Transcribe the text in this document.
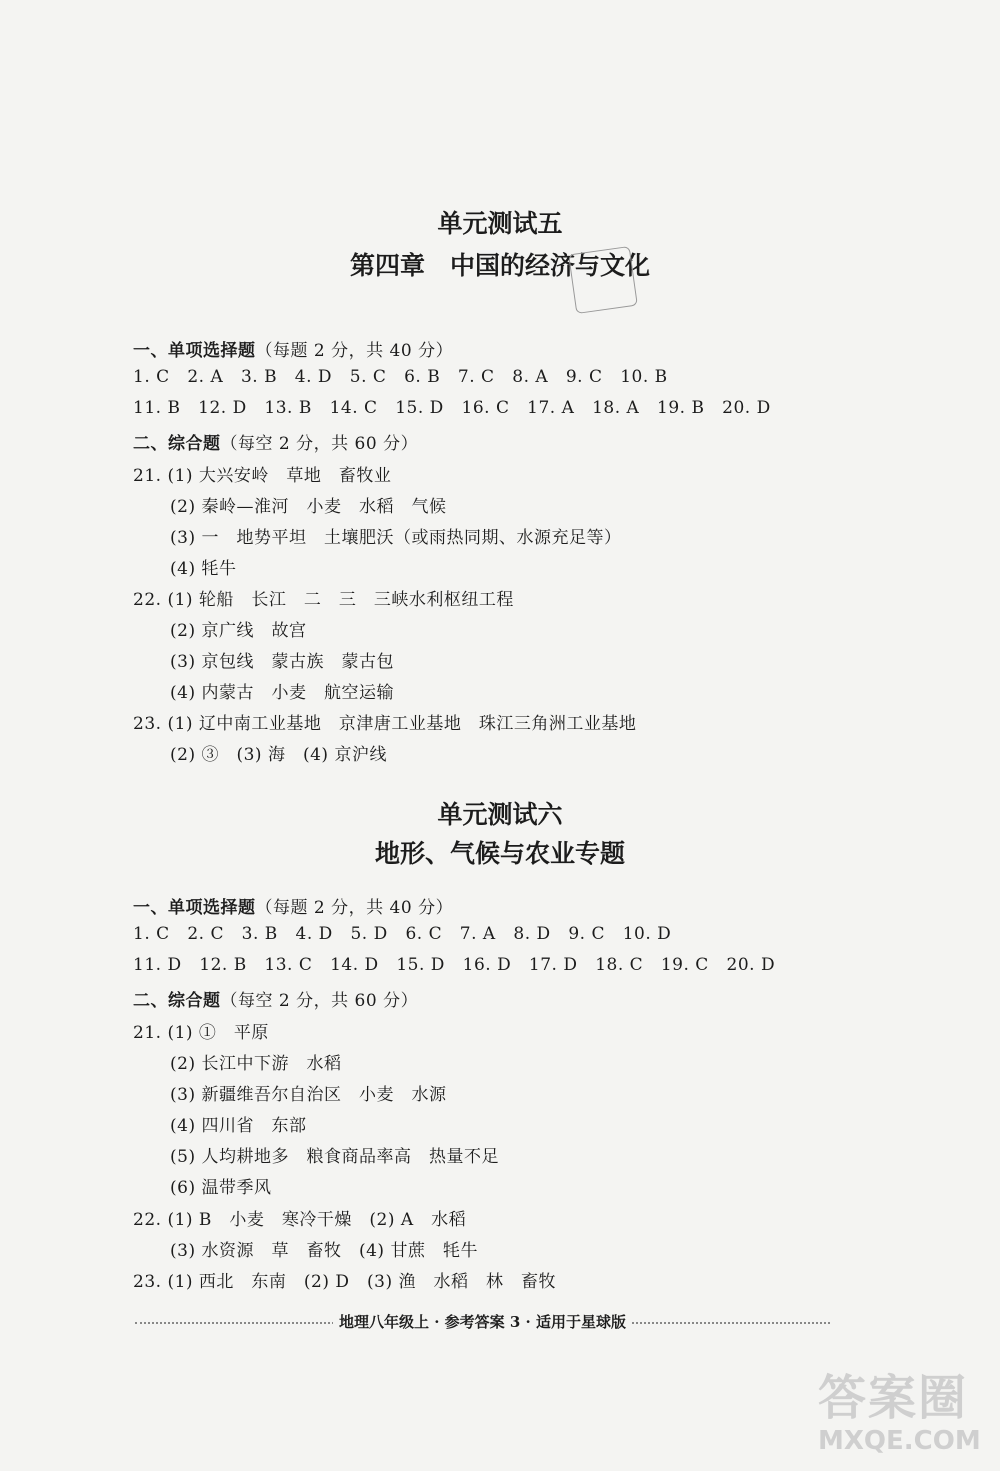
单元测试五
第四章　中国的经济与文化
一、单项选择题（每题 2 分，共 40 分）
1. C   2. A   3. B   4. D   5. C   6. B   7. C   8. A   9. C   10. B
11. B   12. D   13. B   14. C   15. D   16. C   17. A   18. A   19. B   20. D
二、综合题（每空 2 分，共 60 分）
21. (1) 大兴安岭　草地　畜牧业
(2) 秦岭—淮河　小麦　水稻　气候
(3) 一　地势平坦　土壤肥沃（或雨热同期、水源充足等）
(4) 牦牛
22. (1) 轮船　长江　二　三　三峡水利枢纽工程
(2) 京广线　故宫
(3) 京包线　蒙古族　蒙古包
(4) 内蒙古　小麦　航空运输
23. (1) 辽中南工业基地　京津唐工业基地　珠江三角洲工业基地
(2) ③　(3) 海　(4) 京沪线
单元测试六
地形、气候与农业专题
一、单项选择题（每题 2 分，共 40 分）
1. C   2. C   3. B   4. D   5. D   6. C   7. A   8. D   9. C   10. D
11. D   12. B   13. C   14. D   15. D   16. D   17. D   18. C   19. C   20. D
二、综合题（每空 2 分，共 60 分）
21. (1) ①　平原
(2) 长江中下游　水稻
(3) 新疆维吾尔自治区　小麦　水源
(4) 四川省　东部
(5) 人均耕地多　粮食商品率高　热量不足
(6) 温带季风
22. (1) B　小麦　寒冷干燥　(2) A　水稻
(3) 水资源　草　畜牧　(4) 甘蔗　牦牛
23. (1) 西北　东南　(2) D　(3) 渔　水稻　林　畜牧
地理八年级上 · 参考答案 3 · 适用于星球版
答案圈
MXQE.COM
